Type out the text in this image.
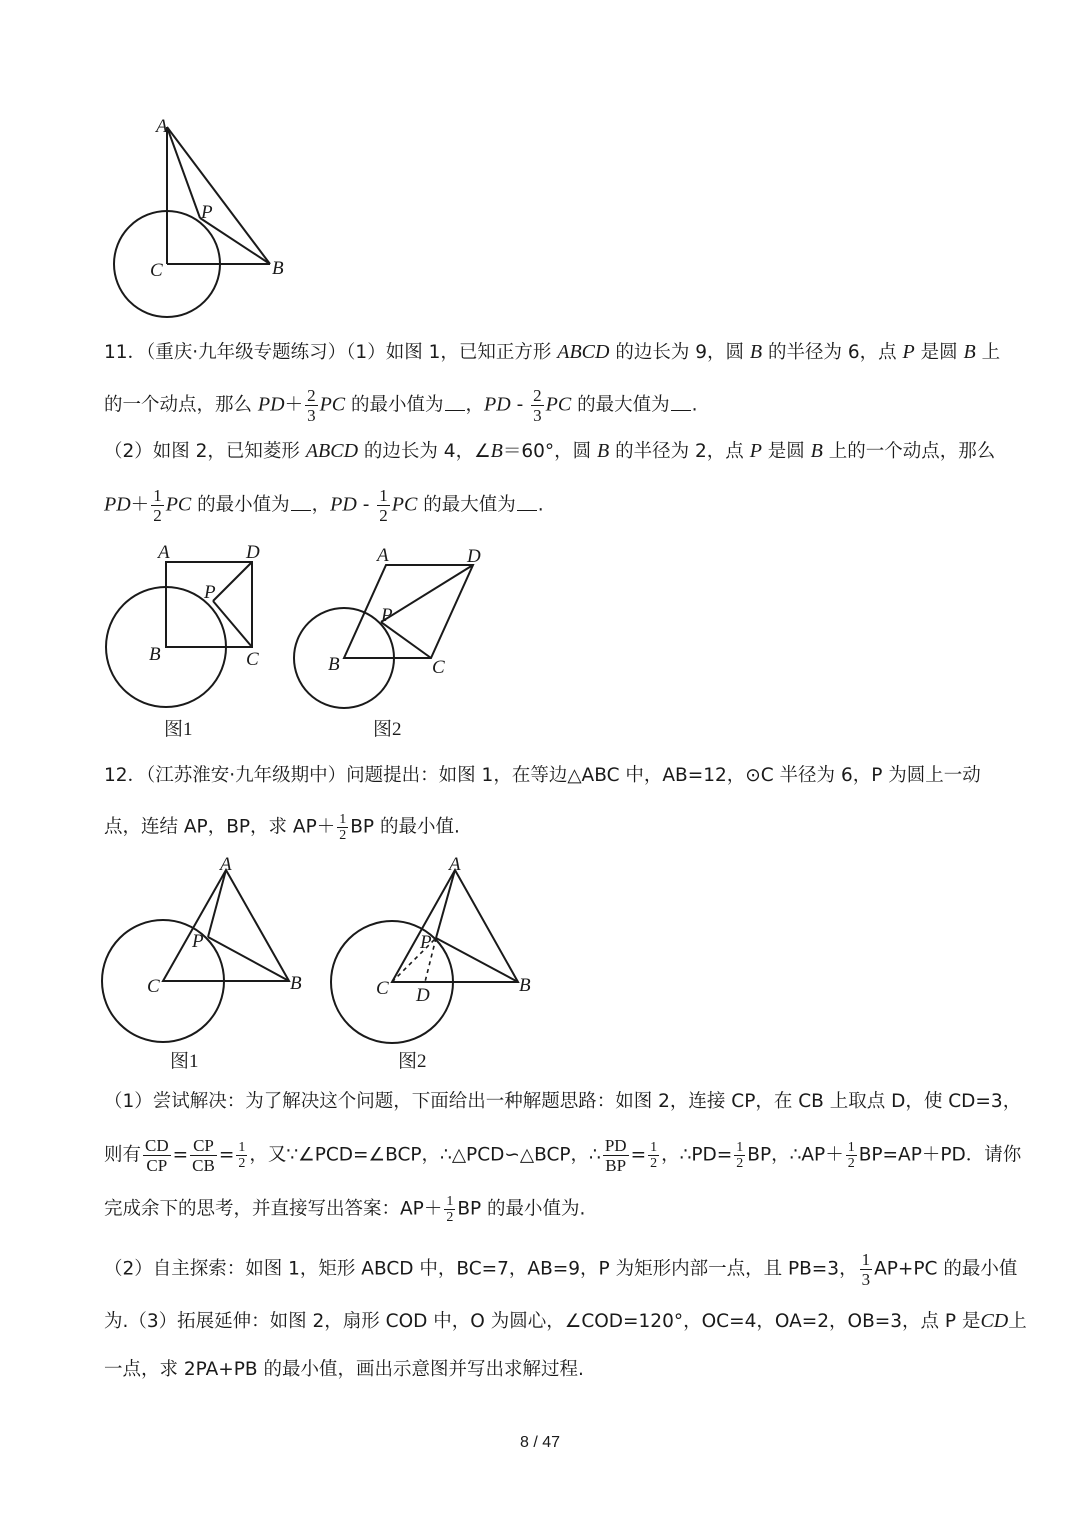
A
P
C	B
11．（重庆·九年级专题练习）（1）如图 1，已知正方形 ABCD 的边长为 9，圆 B 的半径为 6，点 P 是圆 B 上
的一个动点，那么 $PD+ \frac{2}{3}$ PC 的最小值为 ，PD - $\frac{2}{3}$ PC 的最大值为 .
（2）如图 2，已知菱形 ABCD 的边长为 4，∠B＝60°，圆 B 的半径为 2，点 P 是圆 B 上的一个动点，那么
$PD+ \frac{1}{2}$ PC 的最小值为 ，PD - $\frac{1}{2}$ PC 的最大值为 .
A	D
P
B	C
图1
A	D
P
B	C
图2
12．（江苏淮安·九年级期中）问题提出：如图 1，在等边△ABC 中，AB=12，⊙C 半径为 6，P 为圆上一动
点，连结 AP，BP，求 $AP+ \frac{1}{2}$ BP 的最小值.
A
P
C	B
图1
A
P
C D	B
图2
（1）尝试解决：为了解决这个问题，下面给出一种解题思路：如图 2，连接 CP，在 CB 上取点 D，使 CD=3，
则有 $\frac{CD}{CP} = \frac{CP}{CB} = \frac{1}{2}$ ，又∵∠PCD=∠BCP，∴△PCD∽△BCP，∴ $\frac{PD}{BP} = \frac{1}{2}$ ，∴PD= $\frac{1}{2}$ BP，∴AP＋ $\frac{1}{2} BP=AP+PD$．请你
完成余下的思考，并直接写出答案：$AP+ \frac{1}{2}$ BP 的最小值为.
（2）自主探索：如图 1，矩形 ABCD 中，BC=7，AB=9，P 为矩形内部一点，且 PB=3， $\frac{1}{3} AP+PC$ 的最小值
为.（3）拓展延伸：如图 2，扇形 COD 中，O 为圆心，∠COD=120°，OC=4，OA=2，OB=3，点 P 是CD上
一点，求 2PA+PB 的最小值，画出示意图并写出求解过程.
8 / 47
